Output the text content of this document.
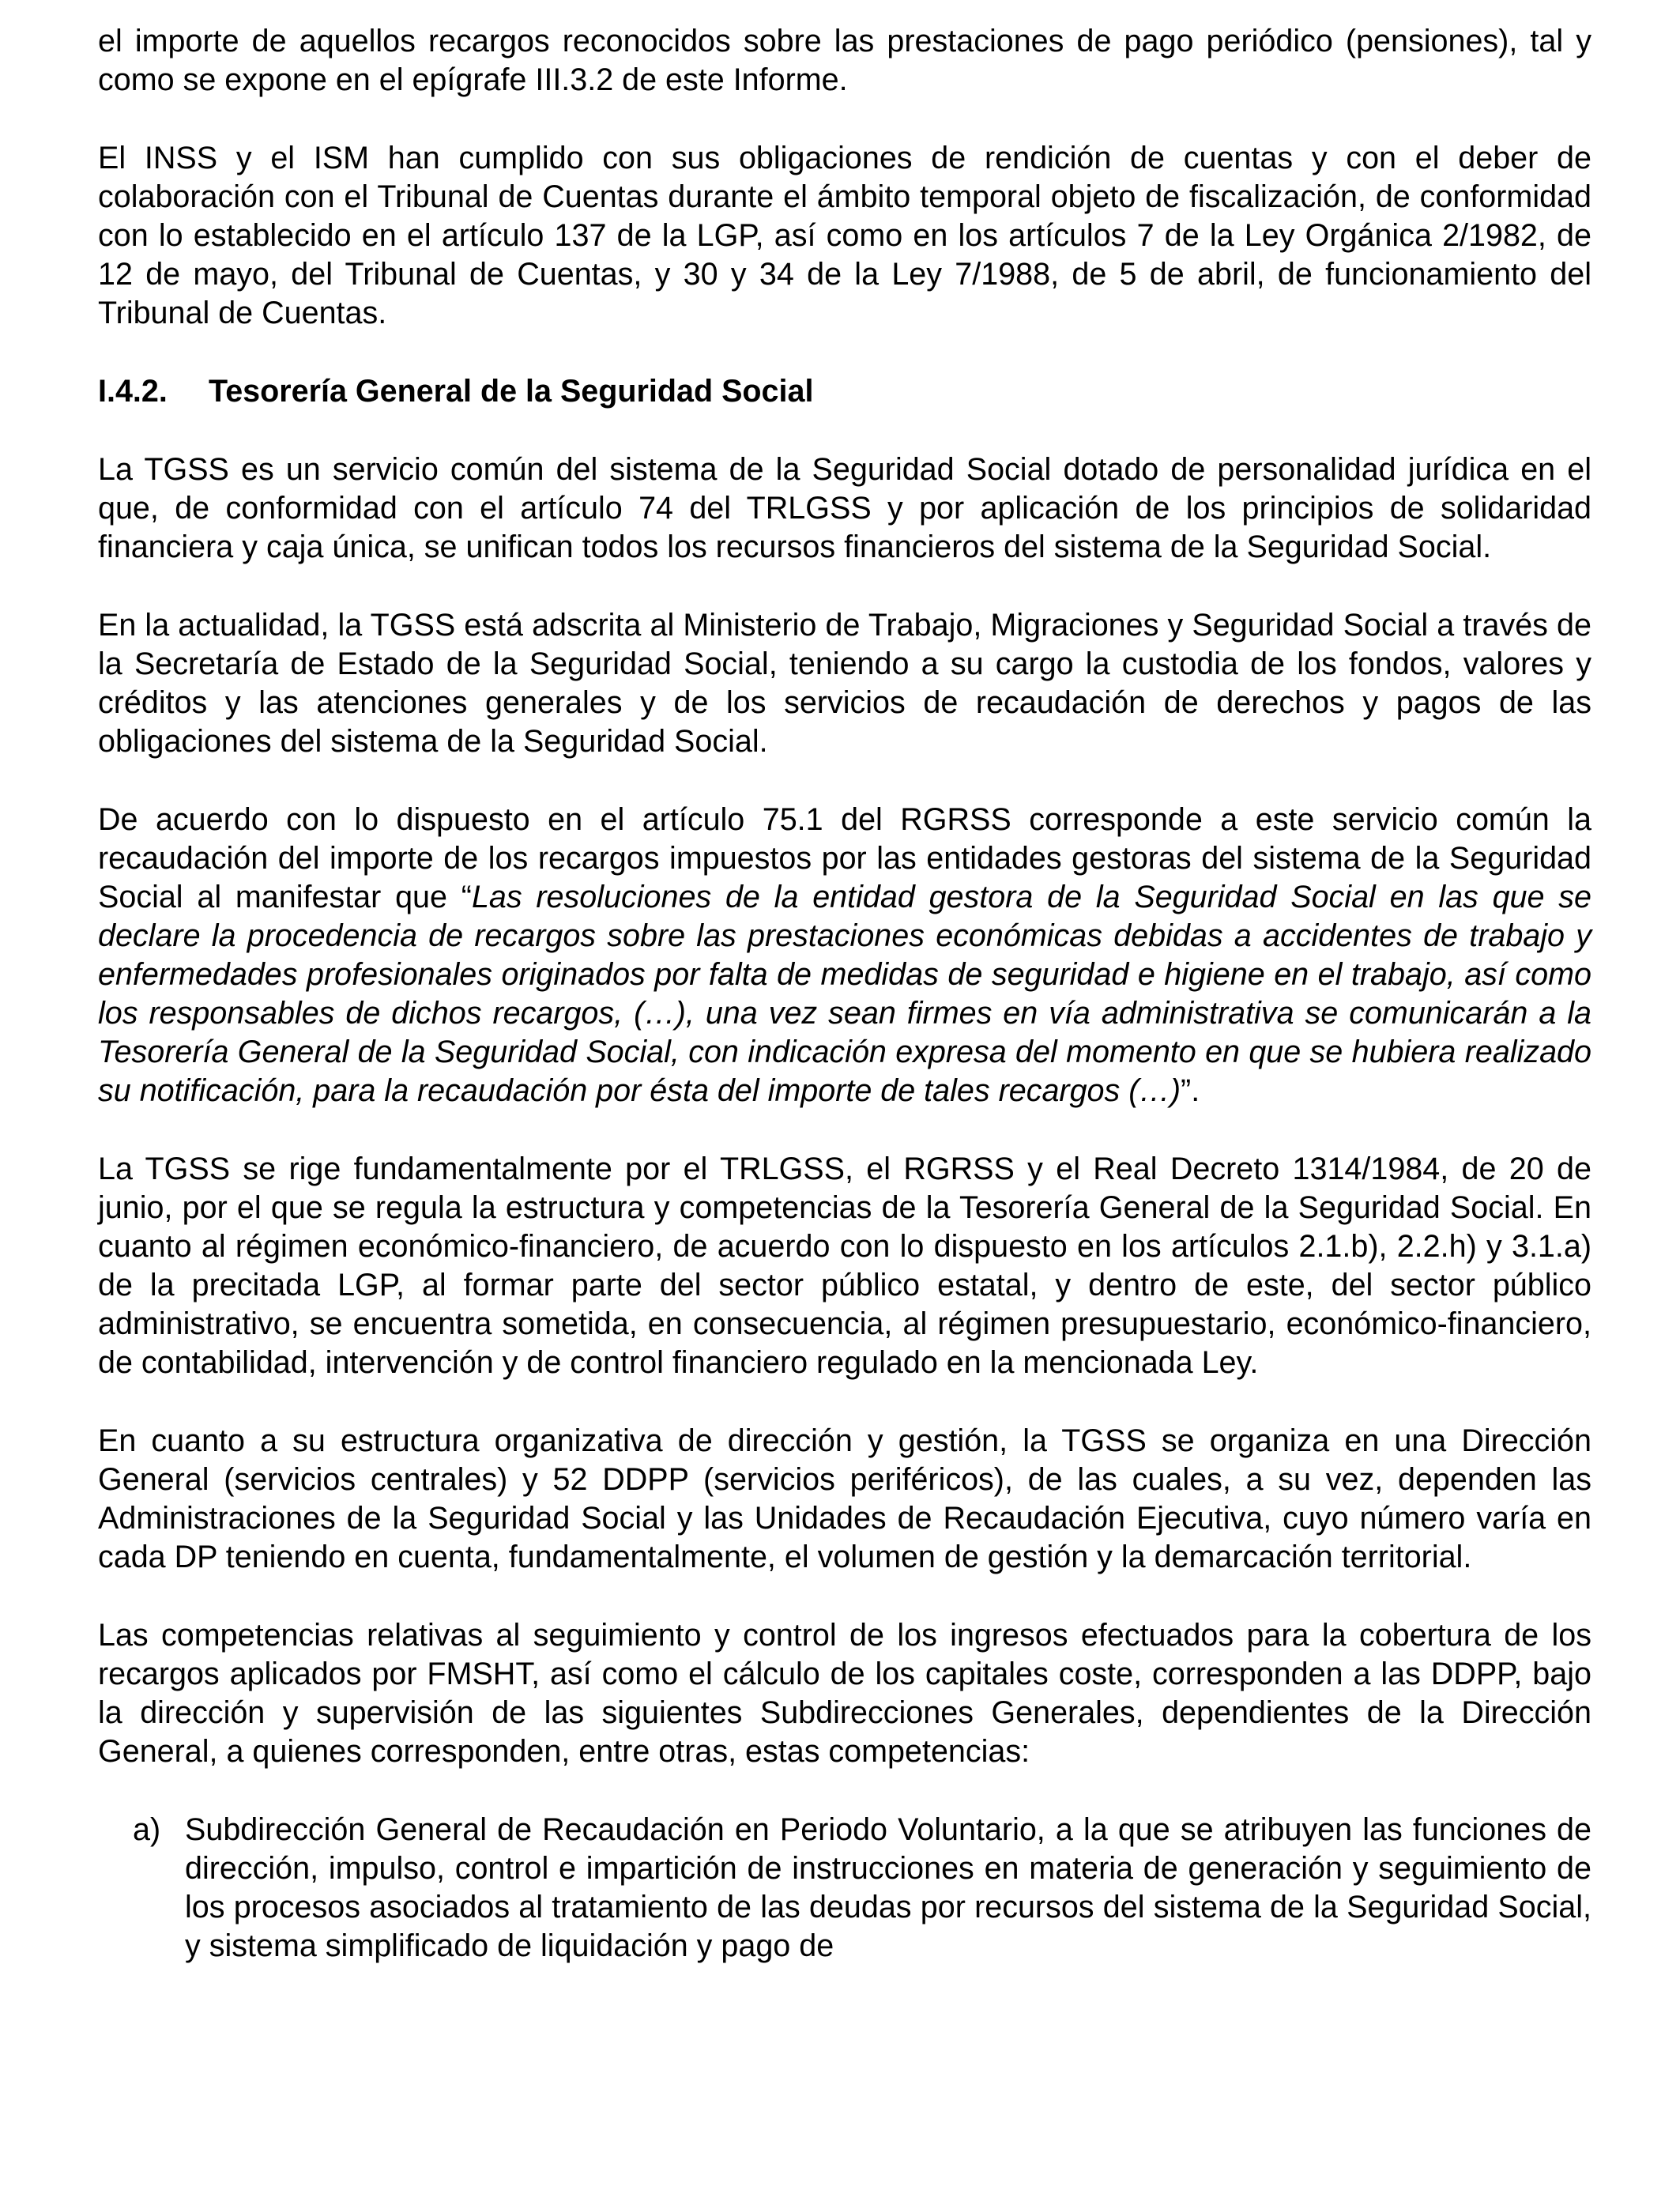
el importe de aquellos recargos reconocidos sobre las prestaciones de pago periódico (pensiones), tal y como se expone en el epígrafe III.3.2 de este Informe.

El INSS y el ISM han cumplido con sus obligaciones de rendición de cuentas y con el deber de colaboración con el Tribunal de Cuentas durante el ámbito temporal objeto de fiscalización, de conformidad con lo establecido en el artículo 137 de la LGP, así como en los artículos 7 de la Ley Orgánica 2/1982, de 12 de mayo, del Tribunal de Cuentas, y 30 y 34 de la Ley 7/1988, de 5 de abril, de funcionamiento del Tribunal de Cuentas.

I.4.2.	Tesorería General de la Seguridad Social

La TGSS es un servicio común del sistema de la Seguridad Social dotado de personalidad jurídica en el que, de conformidad con el artículo 74 del TRLGSS y por aplicación de los principios de solidaridad financiera y caja única, se unifican todos los recursos financieros del sistema de la Seguridad Social.

En la actualidad, la TGSS está adscrita al Ministerio de Trabajo, Migraciones y Seguridad Social a través de la Secretaría de Estado de la Seguridad Social, teniendo a su cargo la custodia de los fondos, valores y créditos y las atenciones generales y de los servicios de recaudación de derechos y pagos de las obligaciones del sistema de la Seguridad Social.

De acuerdo con lo dispuesto en el artículo 75.1 del RGRSS corresponde a este servicio común la recaudación del importe de los recargos impuestos por las entidades gestoras del sistema de la Seguridad Social al manifestar que “Las resoluciones de la entidad gestora de la Seguridad Social en las que se declare la procedencia de recargos sobre las prestaciones económicas debidas a accidentes de trabajo y enfermedades profesionales originados por falta de medidas de seguridad e higiene en el trabajo, así como los responsables de dichos recargos, (…), una vez sean firmes en vía administrativa se comunicarán a la Tesorería General de la Seguridad Social, con indicación expresa del momento en que se hubiera realizado su notificación, para la recaudación por ésta del importe de tales recargos (…)”.

La TGSS se rige fundamentalmente por el TRLGSS, el RGRSS y el Real Decreto 1314/1984, de 20 de junio, por el que se regula la estructura y competencias de la Tesorería General de la Seguridad Social. En cuanto al régimen económico-financiero, de acuerdo con lo dispuesto en los artículos 2.1.b), 2.2.h) y 3.1.a) de la precitada LGP, al formar parte del sector público estatal, y dentro de este, del sector público administrativo, se encuentra sometida, en consecuencia, al régimen presupuestario, económico-financiero, de contabilidad, intervención y de control financiero regulado en la mencionada Ley.

En cuanto a su estructura organizativa de dirección y gestión, la TGSS se organiza en una Dirección General (servicios centrales) y 52 DDPP (servicios periféricos), de las cuales, a su vez, dependen las Administraciones de la Seguridad Social y las Unidades de Recaudación Ejecutiva, cuyo número varía en cada DP teniendo en cuenta, fundamentalmente, el volumen de gestión y la demarcación territorial.

Las competencias relativas al seguimiento y control de los ingresos efectuados para la cobertura de los recargos aplicados por FMSHT, así como el cálculo de los capitales coste, corresponden a las DDPP, bajo la dirección y supervisión de las siguientes Subdirecciones Generales, dependientes de la Dirección General, a quienes corresponden, entre otras, estas competencias:

a) Subdirección General de Recaudación en Periodo Voluntario, a la que se atribuyen las funciones de dirección, impulso, control e impartición de instrucciones en materia de generación y seguimiento de los procesos asociados al tratamiento de las deudas por recursos del sistema de la Seguridad Social, y sistema simplificado de liquidación y pago de
